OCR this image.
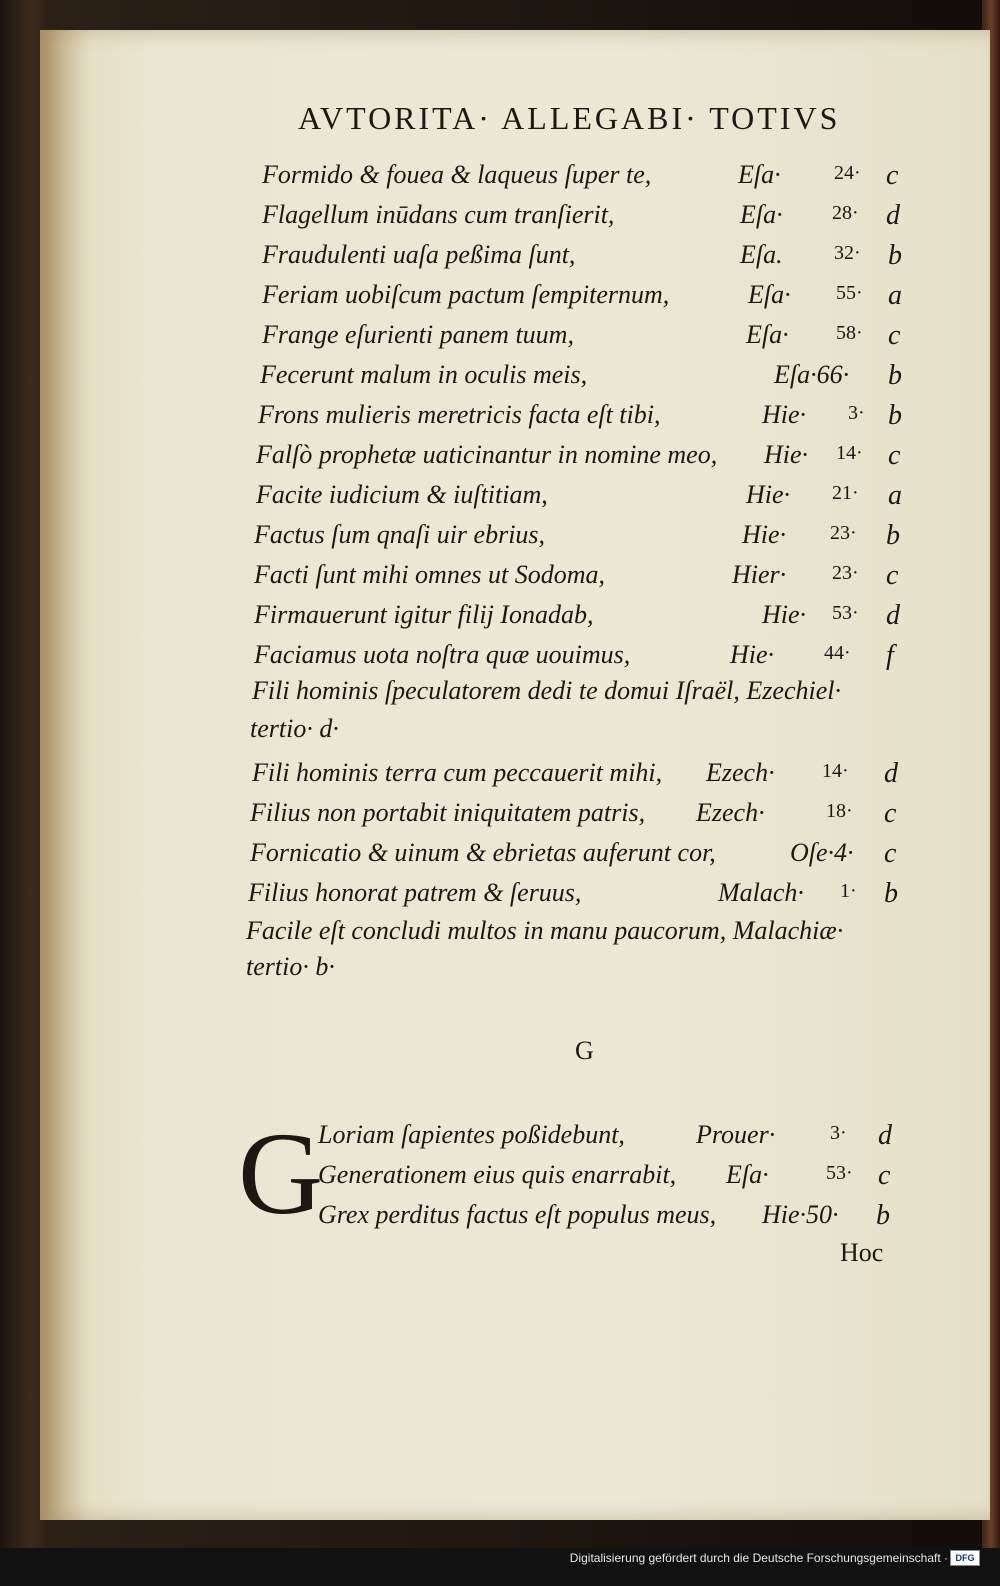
AVTORITA· ALLEGABI· TOTIVS
Formido & fouea & laqueus ſuper te,	Eſa·	24· c
Flagellum inūdans cum tranſierit,	Eſa· 28· d
Fraudulenti uaſa peßima ſunt,	Eſa.	32· b
Feriam uobiſcum pactum ſempiternum,	Eſa· 55· a
Frange eſurienti panem tuum,	Eſa· 58· c
Fecerunt malum in oculis meis,	Eſa·66· b
Frons mulieris meretricis facta eſt tibi,	Hie· 3· b
Falſò prophetæ uaticinantur in nomine meo, Hie· 14· c
Facite iudicium & iuſtitiam,	Hie· 21· a
Factus ſum qnaſi uir ebrius,	Hie· 23· b
Facti ſunt mihi omnes ut Sodoma,	Hier· 23· c
Firmauerunt igitur filij Ionadab,	Hie· 53· d
Faciamus uota noſtra quæ uouimus,	Hie· 44· f
Fili hominis ſpeculatorem dedi te domui Iſraël, Ezechiel·
tertio· d·
Fili hominis terra cum peccauerit mihi, Ezech· 14· d
Filius non portabit iniquitatem patris, Ezech·	18· c
Fornicatio & uinum & ebrietas auferunt cor,	Oſe·4· c
Filius honorat patrem & ſeruus,	Malach· 1· b
Facile eſt concludi multos in manu paucorum, Malachiæ·
tertio· b·
G
G
Loriam ſapientes poßidebunt,	Prouer·	3· d
Generationem eius quis enarrabit, Eſa·	53· c
Grex perditus factus eſt populus meus, Hie·50· b
Hoc
Digitalisierung gefördert durch die Deutsche Forschungsgemeinschaft · DFG
